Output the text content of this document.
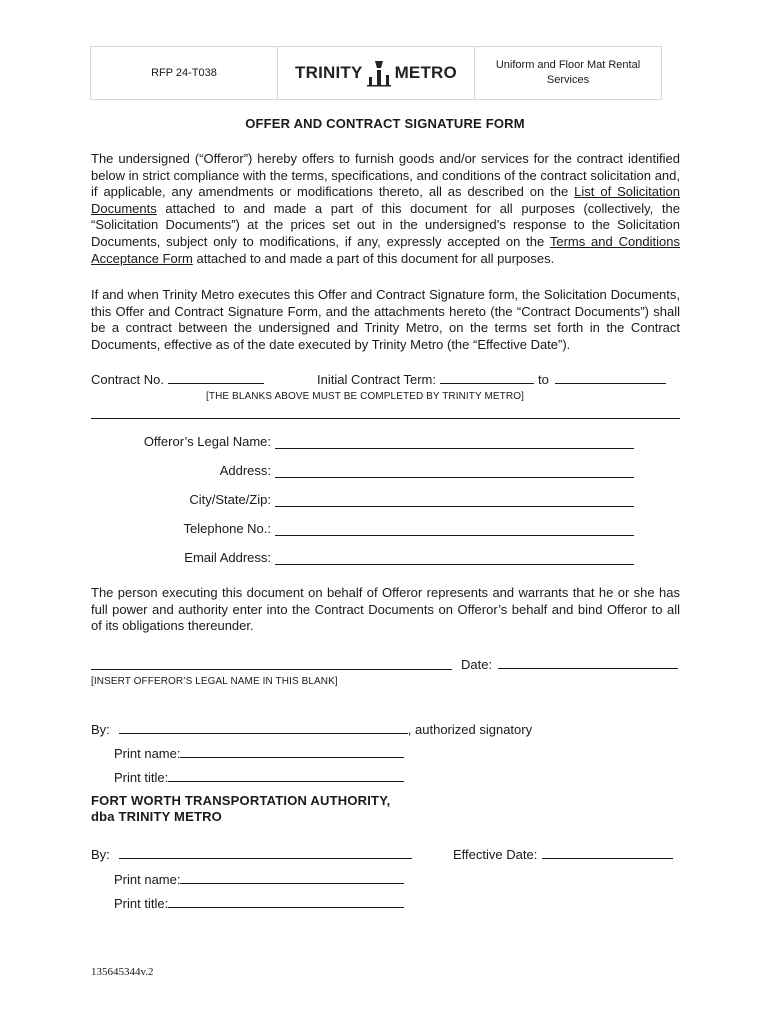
RFP 24-T038	TRINITY METRO	Uniform and Floor Mat Rental
Services
OFFER AND CONTRACT SIGNATURE FORM
The undersigned (“Offeror”) hereby offers to furnish goods and/or services for the contract identified below in strict compliance with the terms, specifications, and conditions of the contract solicitation and, if applicable, any amendments or modifications thereto, all as described on the List of Solicitation Documents attached to and made a part of this document for all purposes (collectively, the “Solicitation Documents”) at the prices set out in the undersigned’s response to the Solicitation Documents, subject only to modifications, if any, expressly accepted on the Terms and Conditions Acceptance Form attached to and made a part of this document for all purposes.
If and when Trinity Metro executes this Offer and Contract Signature form, the Solicitation Documents, this Offer and Contract Signature Form, and the attachments hereto (the “Contract Documents”) shall be a contract between the undersigned and Trinity Metro, on the terms set forth in the Contract Documents, effective as of the date executed by Trinity Metro (the “Effective Date”).
Contract No.	Initial Contract Term:	to
[THE BLANKS ABOVE MUST BE COMPLETED BY TRINITY METRO]
Offeror’s Legal Name:
Address:
City/State/Zip:
Telephone No.:
Email Address:
The person executing this document on behalf of Offeror represents and warrants that he or she has full power and authority enter into the Contract Documents on Offeror’s behalf and bind Offeror to all of its obligations thereunder.
Date:
[INSERT OFFEROR’S LEGAL NAME IN THIS BLANK]
By:	, authorized signatory
Print name:
Print title:
FORT WORTH TRANSPORTATION AUTHORITY,
dba TRINITY METRO
By:	Effective Date:
Print name:
Print title:
135645344v.2
